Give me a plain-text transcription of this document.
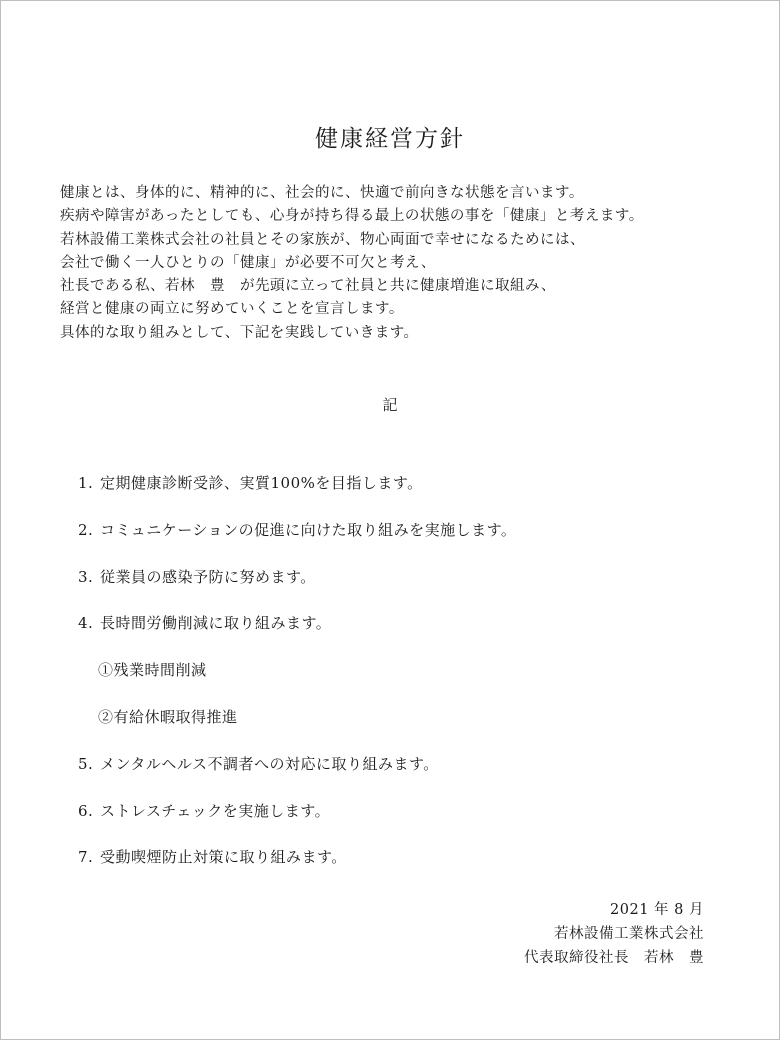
健康経営方針
健康とは、身体的に、精神的に、社会的に、快適で前向きな状態を言います。
疾病や障害があったとしても、心身が持ち得る最上の状態の事を「健康」と考えます。
若林設備工業株式会社の社員とその家族が、物心両面で幸せになるためには、
会社で働く一人ひとりの「健康」が必要不可欠と考え、
社長である私、若林　豊　が先頭に立って社員と共に健康増進に取組み、
経営と健康の両立に努めていくことを宣言します。
具体的な取り組みとして、下記を実践していきます。
記
1. 定期健康診断受診、実質100%を目指します。
2. コミュニケーションの促進に向けた取り組みを実施します。
3. 従業員の感染予防に努めます。
4. 長時間労働削減に取り組みます。
①残業時間削減
②有給休暇取得推進
5. メンタルヘルス不調者への対応に取り組みます。
6. ストレスチェックを実施します。
7. 受動喫煙防止対策に取り組みます。
2021 年 8 月
若林設備工業株式会社
代表取締役社長　若林　豊
